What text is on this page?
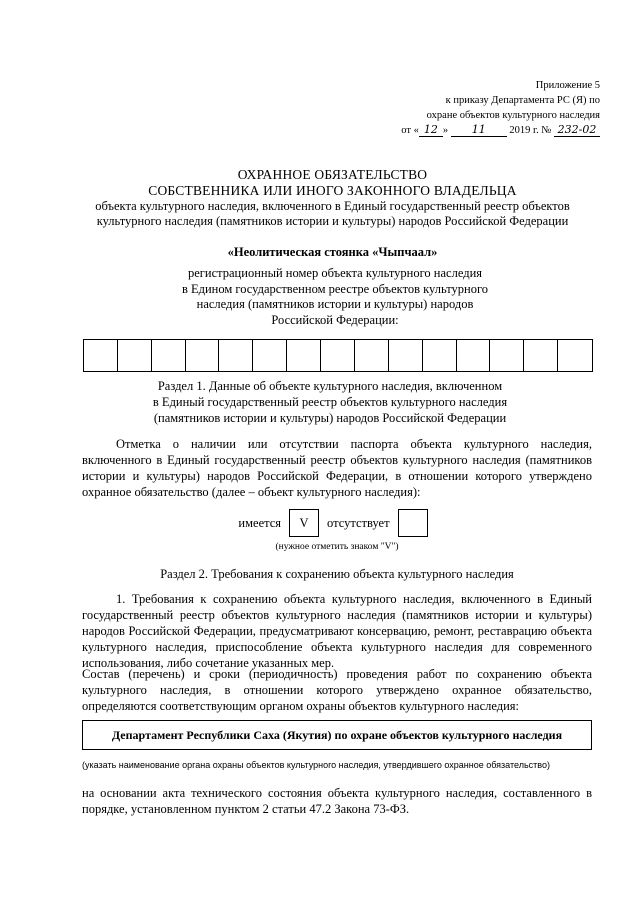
Приложение 5
к приказу Департамента РС (Я) по
охране объектов культурного наследия
от « 12 » 11 2019 г. № 232-02
ОХРАННОЕ ОБЯЗАТЕЛЬСТВО
СОБСТВЕННИКА ИЛИ ИНОГО ЗАКОННОГО ВЛАДЕЛЬЦА
объекта культурного наследия, включенного в Единый государственный реестр объектов
культурного наследия (памятников истории и культуры) народов Российской Федерации
«Неолитическая стоянка «Чыпчаал»
регистрационный номер объекта культурного наследия
в Едином государственном реестре объектов культурного
наследия (памятников истории и культуры) народов
Российской Федерации:
Раздел 1. Данные об объекте культурного наследия, включенном
в Единый государственный реестр объектов культурного наследия
(памятников истории и культуры) народов Российской Федерации
Отметка о наличии или отсутствии паспорта объекта культурного наследия, включенного в Единый государственный реестр объектов культурного наследия (памятников истории и культуры) народов Российской Федерации, в отношении которого утверждено охранное обязательство (далее – объект культурного наследия):
имеется	V	отсутствует
(нужное отметить знаком "V")
Раздел 2. Требования к сохранению объекта культурного наследия
1. Требования к сохранению объекта культурного наследия, включенного в Единый государственный реестр объектов культурного наследия (памятников истории и культуры) народов Российской Федерации, предусматривают консервацию, ремонт, реставрацию объекта культурного наследия, приспособление объекта культурного наследия для современного использования, либо сочетание указанных мер.
Состав (перечень) и сроки (периодичность) проведения работ по сохранению объекта культурного наследия, в отношении которого утверждено охранное обязательство, определяются соответствующим органом охраны объектов культурного наследия:
Департамент Республики Саха (Якутия) по охране объектов культурного наследия
(указать наименование органа охраны объектов культурного наследия, утвердившего охранное обязательство)
на основании акта технического состояния объекта культурного наследия, составленного в порядке, установленном пунктом 2 статьи 47.2 Закона 73-ФЗ.
